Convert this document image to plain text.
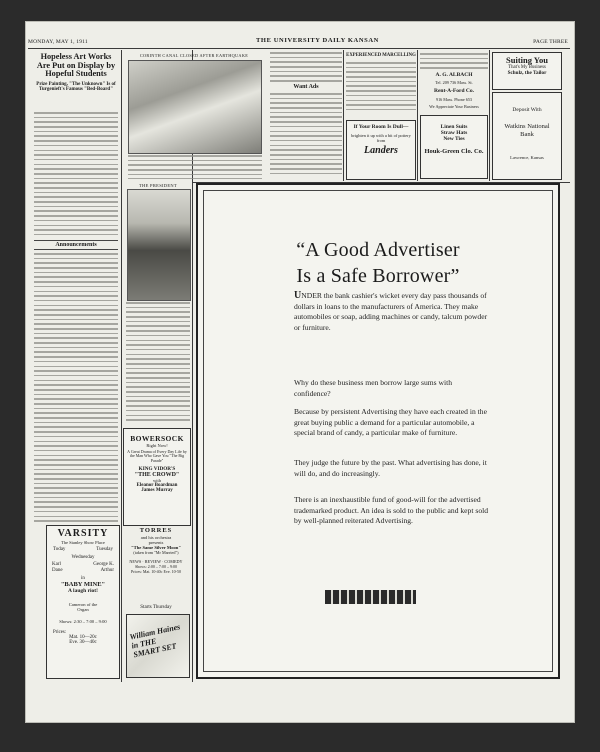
MONDAY, MAY 1, 1911	THE UNIVERSITY DAILY KANSAN	PAGE THREE
Hopeless Art Works Are Put on Display by Hopeful Students
Prize Painting, "The Unknown" Is of Turgenieft's Famous "Bed-Board"
Announcements
VARSITY
The Stanley Show Place
Today	Tuesday
Wednesday
Karl
Dane
George K.
Arthur
in
"BABY MINE"
A laugh riot!
Cameron of the
Organ
Shows: 2:30 – 7:00 – 9:00
Prices:
Mat. 10—20c
Eve. 30—40c
CORINTH CANAL CLOSED AFTER EARTHQUAKE
THE PRESIDENT
BOWERSOCK
Right Now!
A Great Drama of Every Day Life by the Man Who Gave You "The Big Parade"
KING VIDOR'S
"THE CROWD"
with
Eleanor Boardman
James Murray
TORRES
and his orchestra
presents
"The Same Silver Moon"
(taken from "Mr Married")
NEWS · REVIEW · COMEDY
Shows: 2:00 – 7:00 – 9:00
Prices: Mat. 10-40c Eve. 10-50
Starts Thursday
William Haines in THE SMART SET
Want Ads
EXPERIENCED MARCELLING
If Your Room Is Dull—
brighten it up with a bit of pottery from
Landers
A. G. ALBACH
Tel. 209 736 Mass. St.
Rent-A-Ford Co.
916 Mass. Phone 653
We Appreciate Your Business
Linen Suits
Straw Hats
New Ties
Houk-Green Clo. Co.
Suiting You
That's My Business
Schulz, the Tailor
Deposit With
Watkins National Bank
Lawrence, Kansas
“A Good Advertiser
Is a Safe Borrower”
UNDER the bank cashier's wicket every day pass thousands of dollars in loans to the manufacturers of America. They make automobiles or soap, adding machines or candy, talcum powder or furniture.
Why do these business men borrow large sums with confidence?
Because by persistent Advertising they have each created in the great buying public a demand for a particular automobile, a special brand of candy, a particular make of furniture.
They judge the future by the past. What advertising has done, it will do, and do increasingly.
There is an inexhaustible fund of good-will for the advertised trademarked product. An idea is sold to the public and kept sold by well-planned reiterated Advertising.
